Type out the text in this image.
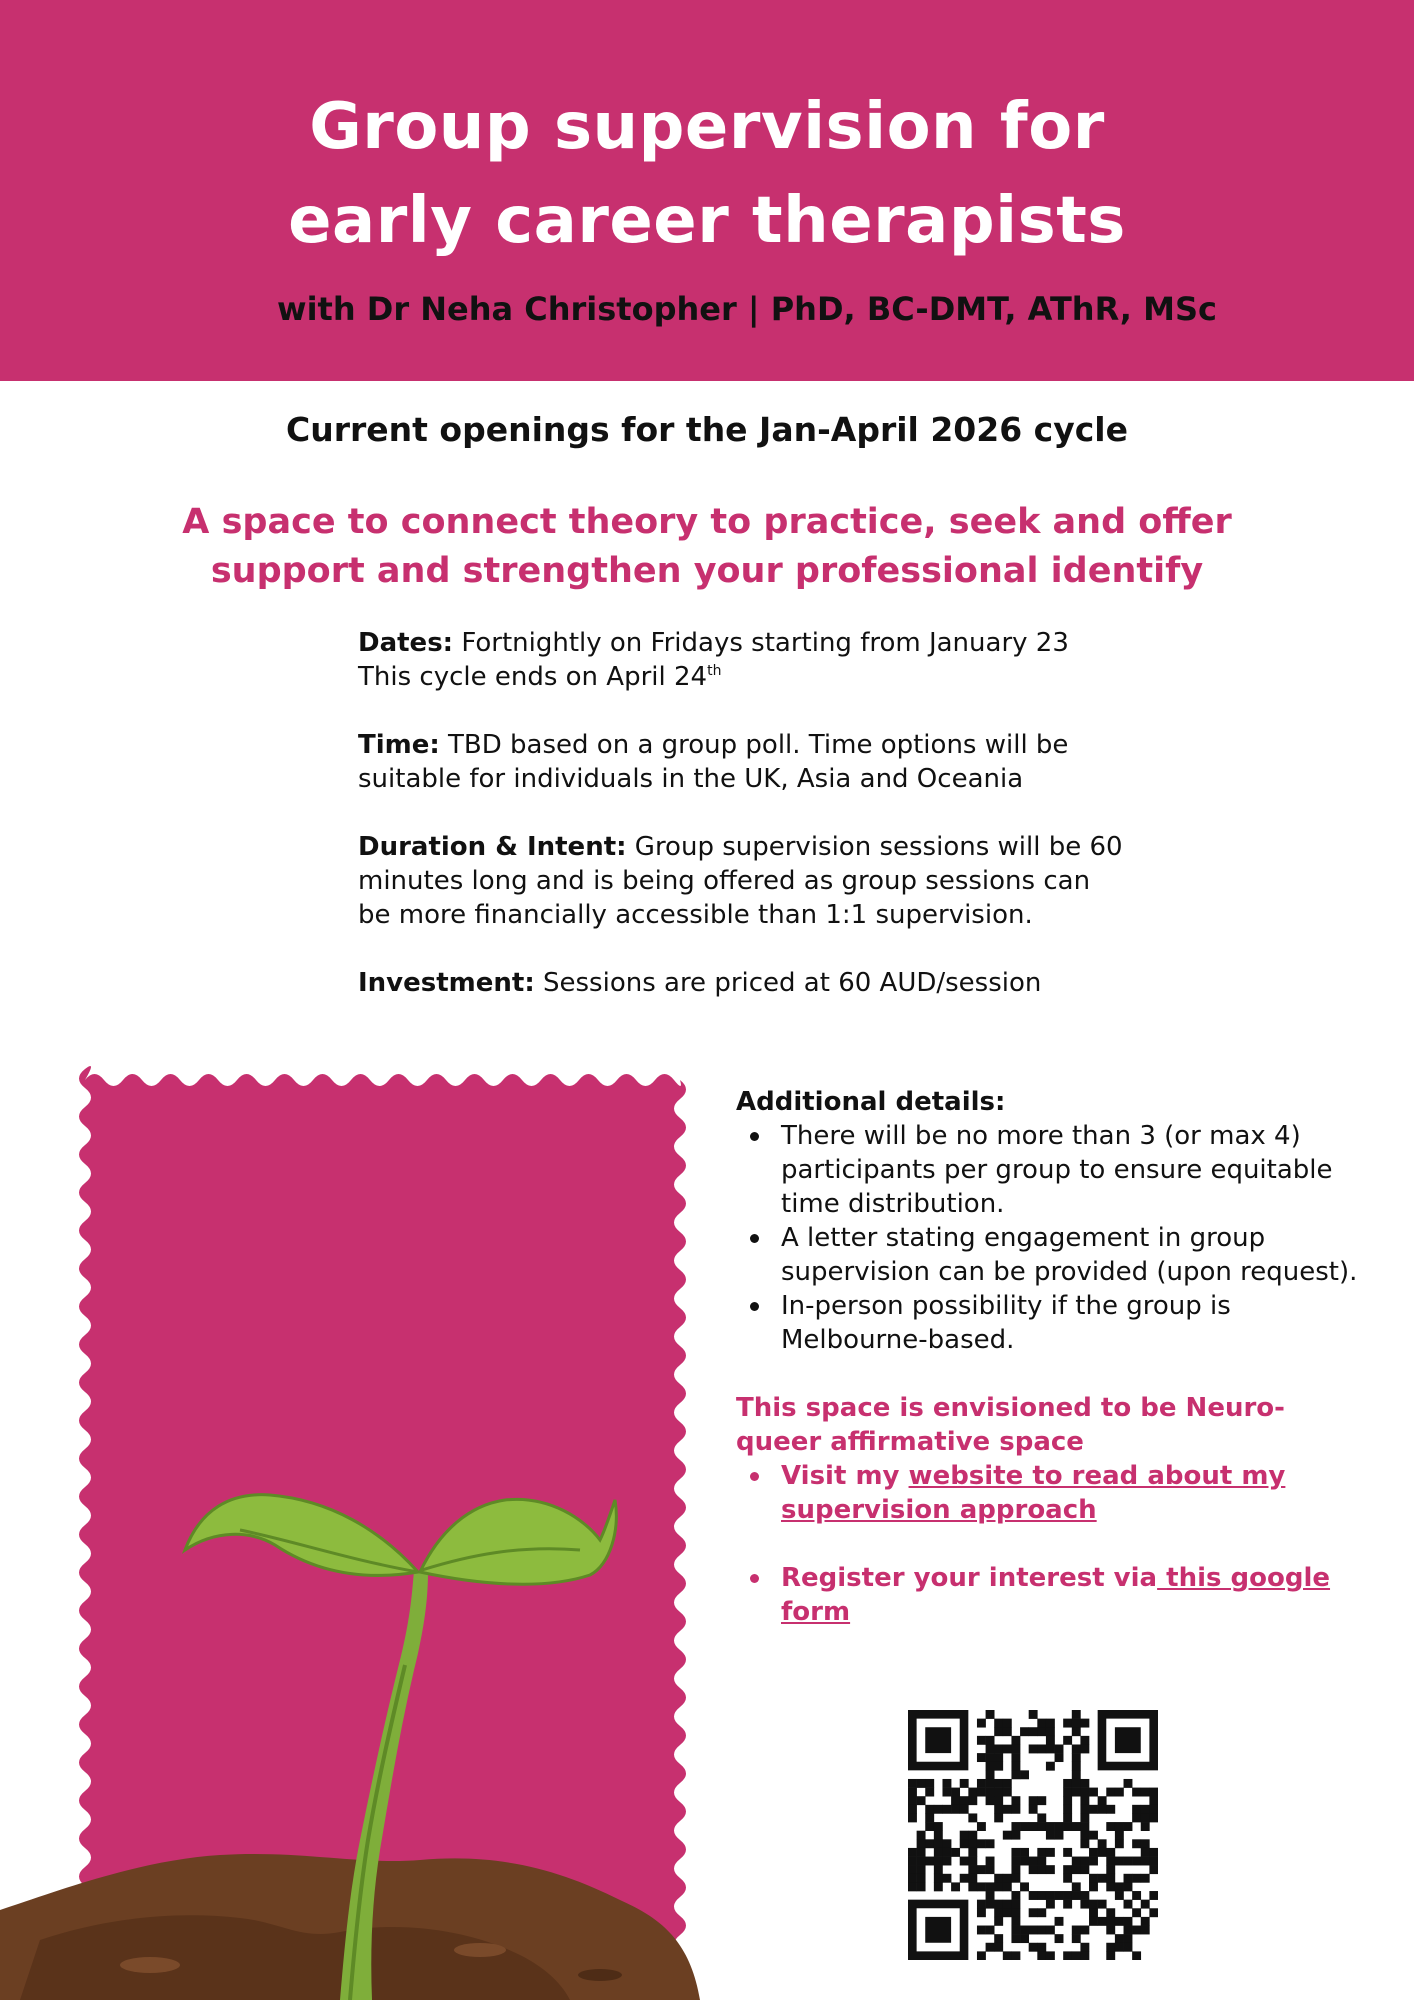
Group supervision for
early career therapists
with Dr Neha Christopher | PhD, BC-DMT, AThR, MSc
Current openings for the Jan-April 2026 cycle
A space to connect theory to practice, seek and offer
support and strengthen your professional identify
Dates: Fortnightly on Fridays starting from January 23
This cycle ends on April 24th
Time: TBD based on a group poll. Time options will be suitable for individuals in the UK, Asia and Oceania
Duration & Intent: Group supervision sessions will be 60 minutes long and is being offered as group sessions can be more financially accessible than 1:1 supervision.
Investment: Sessions are priced at 60 AUD/session
Additional details:
There will be no more than 3 (or max 4) participants per group to ensure equitable time distribution.
A letter stating engagement in group supervision can be provided (upon request).
In-person possibility if the group is Melbourne-based.
This space is envisioned to be Neuro-queer affirmative space
Visit my website to read about my supervision approach
Register your interest via this google form
